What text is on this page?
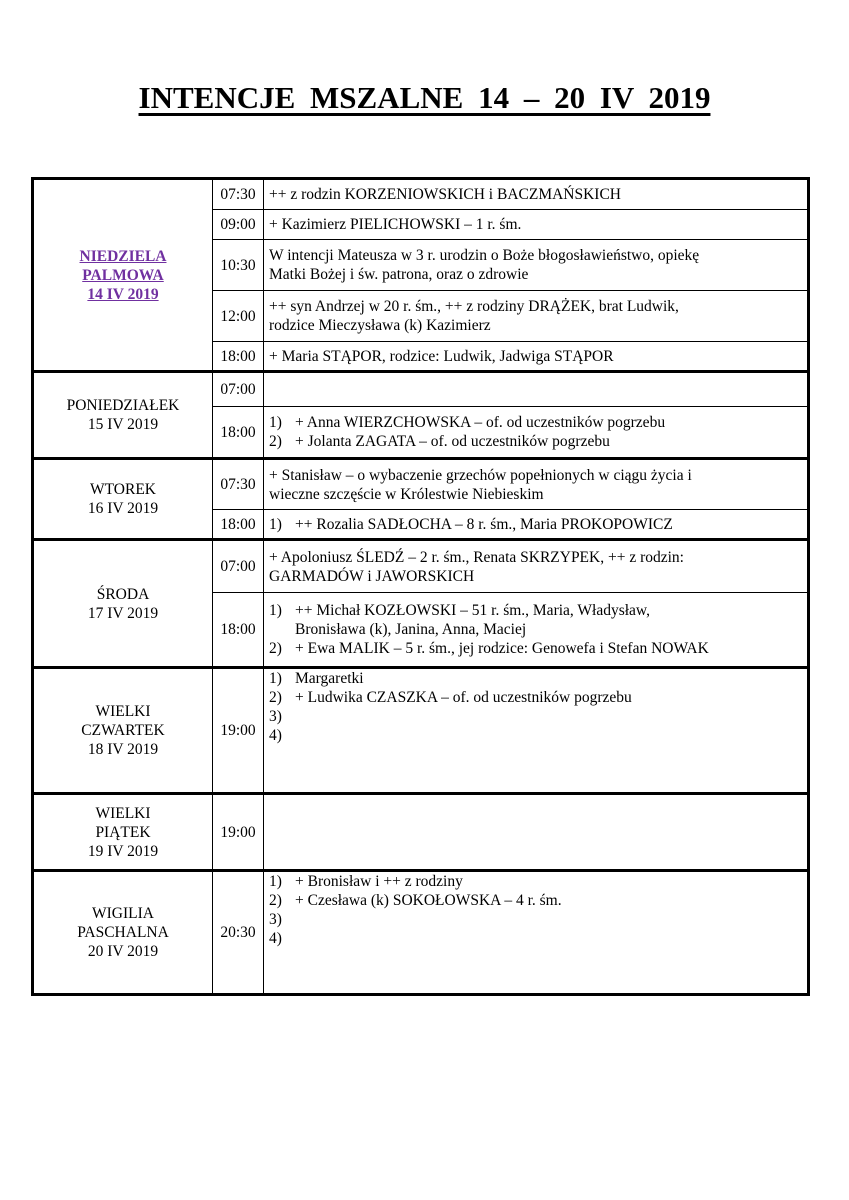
INTENCJE MSZALNE 14 – 20 IV 2019
NIEDZIELA
PALMOWA
14 IV 2019	07:30	++ z rodzin KORZENIOWSKICH i BACZMAŃSKICH

	09:00	+ Kazimierz PIELICHOWSKI – 1 r. śm.

	10:30	W intencji Mateusza w 3 r. urodzin o Boże błogosławieństwo, opiekę
Matki Bożej i św. patrona, oraz o zdrowie

	12:00	++ syn Andrzej w 20 r. śm., ++ z rodziny DRĄŻEK, brat Ludwik,
rodzice Mieczysława (k) Kazimierz

	18:00	+ Maria STĄPOR, rodzice: Ludwik, Jadwiga STĄPOR

PONIEDZIAŁEK
15 IV 2019	07:00	
	18:00	1) + Anna WIERZCHOWSKA – of. od uczestników pogrzebu
2) + Jolanta ZAGATA – of. od uczestników pogrzebu

WTOREK
16 IV 2019	07:30	+ Stanisław – o wybaczenie grzechów popełnionych w ciągu życia i
wieczne szczęście w Królestwie Niebieskim

	18:00	1) ++ Rozalia SADŁOCHA – 8 r. śm., Maria PROKOPOWICZ

ŚRODA
17 IV 2019	07:00	+ Apoloniusz ŚLEDŹ – 2 r. śm., Renata SKRZYPEK, ++ z rodzin:
GARMADÓW i JAWORSKICH

	18:00	1) ++ Michał KOZŁOWSKI – 51 r. śm., Maria, Władysław,
Bronisława (k), Janina, Anna, Maciej
2) + Ewa MALIK – 5 r. śm., jej rodzice: Genowefa i Stefan NOWAK

WIELKI
CZWARTEK
18 IV 2019	19:00	1) Margaretki
2) + Ludwika CZASZKA – of. od uczestników pogrzebu
3)
4)

WIELKI
PIĄTEK
19 IV 2019	19:00	

WIGILIA
PASCHALNA
20 IV 2019	20:30	1) + Bronisław i ++ z rodziny
2) + Czesława (k) SOKOŁOWSKA – 4 r. śm.
3)
4)
